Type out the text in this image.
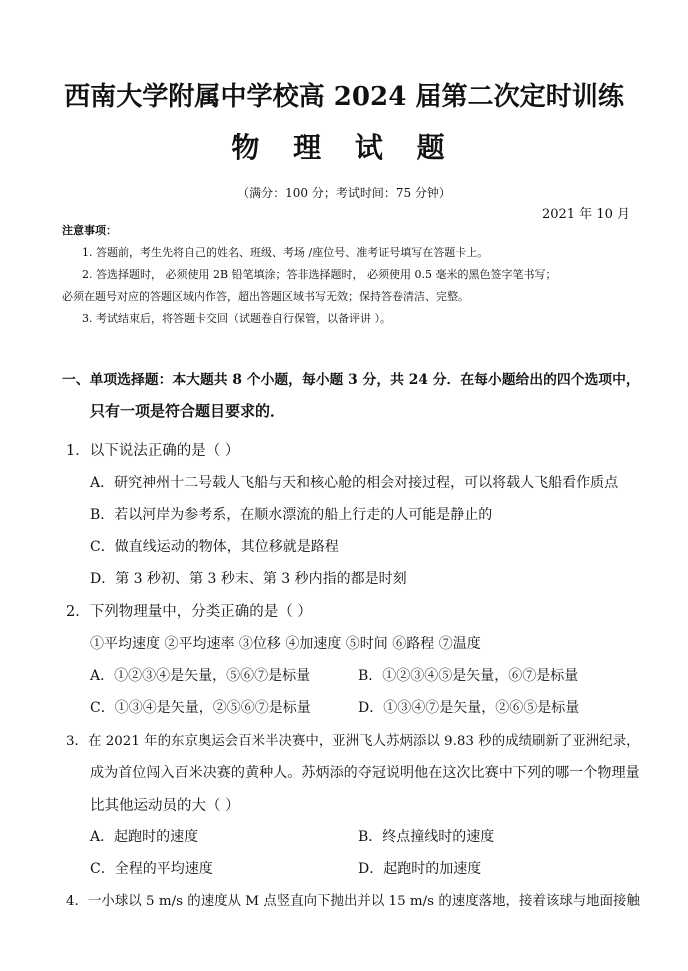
西南大学附属中学校高 2024 届第二次定时训练
物 理 试 题
（满分：100 分；考试时间：75 分钟）
2021 年 10 月
注意事项：
1. 答题前，考生先将自己的姓名、班级、考场 /座位号、准考证号填写在答题卡上。
2. 答选择题时， 必须使用 2B 铅笔填涂；答非选择题时， 必须使用 0.5 毫米的黑色签字笔书写；
必须在题号对应的答题区域内作答，超出答题区域书写无效；保持答卷清洁、完整。
3. 考试结束后，将答题卡交回（试题卷自行保管，以备评讲 ）。
一、单项选择题：本大题共 8 个小题，每小题 3 分，共 24 分．在每小题给出的四个选项中，
只有一项是符合题目要求的．
1．以下说法正确的是（ ）
A．研究神州十二号载人飞船与天和核心舱的相会对接过程，可以将载人飞船看作质点
B．若以河岸为参考系，在顺水漂流的船上行走的人可能是静止的
C．做直线运动的物体，其位移就是路程
D．第 3 秒初、第 3 秒末、第 3 秒内指的都是时刻
2．下列物理量中，分类正确的是（ ）
①平均速度 ②平均速率 ③位移 ④加速度 ⑤时间 ⑥路程 ⑦温度
A．①②③④是矢量，⑤⑥⑦是标量	B．①②③④⑤是矢量，⑥⑦是标量
C．①③④是矢量，②⑤⑥⑦是标量	D．①③④⑦是矢量，②⑥⑤是标量
3．在 2021 年的东京奥运会百米半决赛中，亚洲飞人苏炳添以 9.83 秒的成绩刷新了亚洲纪录，
成为首位闯入百米决赛的黄种人。苏炳添的夺冠说明他在这次比赛中下列的哪一个物理量
比其他运动员的大（ ）
A．起跑时的速度	B．终点撞线时的速度
C．全程的平均速度	D．起跑时的加速度
4．一小球以 5 m/s 的速度从 M 点竖直向下抛出并以 15 m/s 的速度落地，接着该球与地面接触
